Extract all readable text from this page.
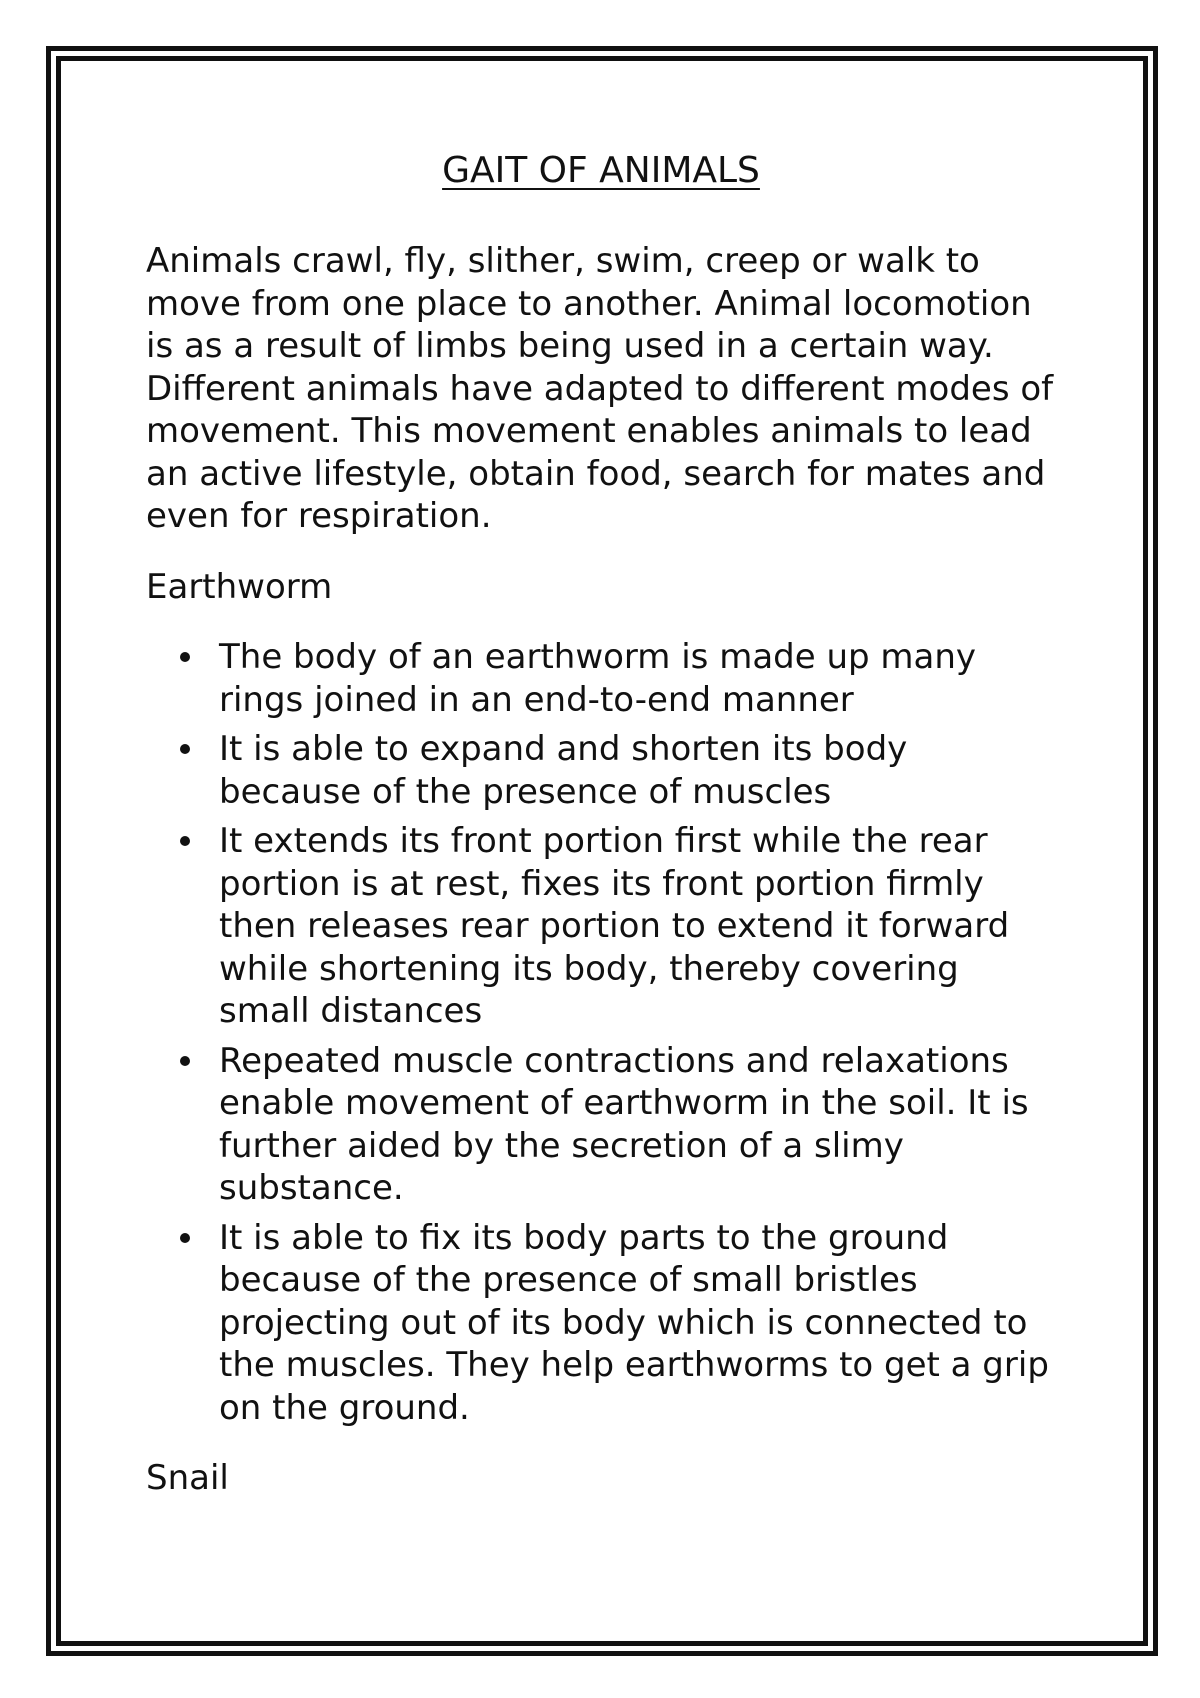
GAIT OF ANIMALS

Animals crawl, fly, slither, swim, creep or walk to move from one place to another. Animal locomotion is as a result of limbs being used in a certain way. Different animals have adapted to different modes of movement. This movement enables animals to lead an active lifestyle, obtain food, search for mates and even for respiration.

Earthworm
The body of an earthworm is made up many rings joined in an end-to-end manner
It is able to expand and shorten its body because of the presence of muscles
It extends its front portion first while the rear portion is at rest, fixes its front portion firmly then releases rear portion to extend it forward while shortening its body, thereby covering small distances
Repeated muscle contractions and relaxations enable movement of earthworm in the soil. It is further aided by the secretion of a slimy substance.
It is able to fix its body parts to the ground because of the presence of small bristles projecting out of its body which is connected to the muscles. They help earthworms to get a grip on the ground.
Snail
